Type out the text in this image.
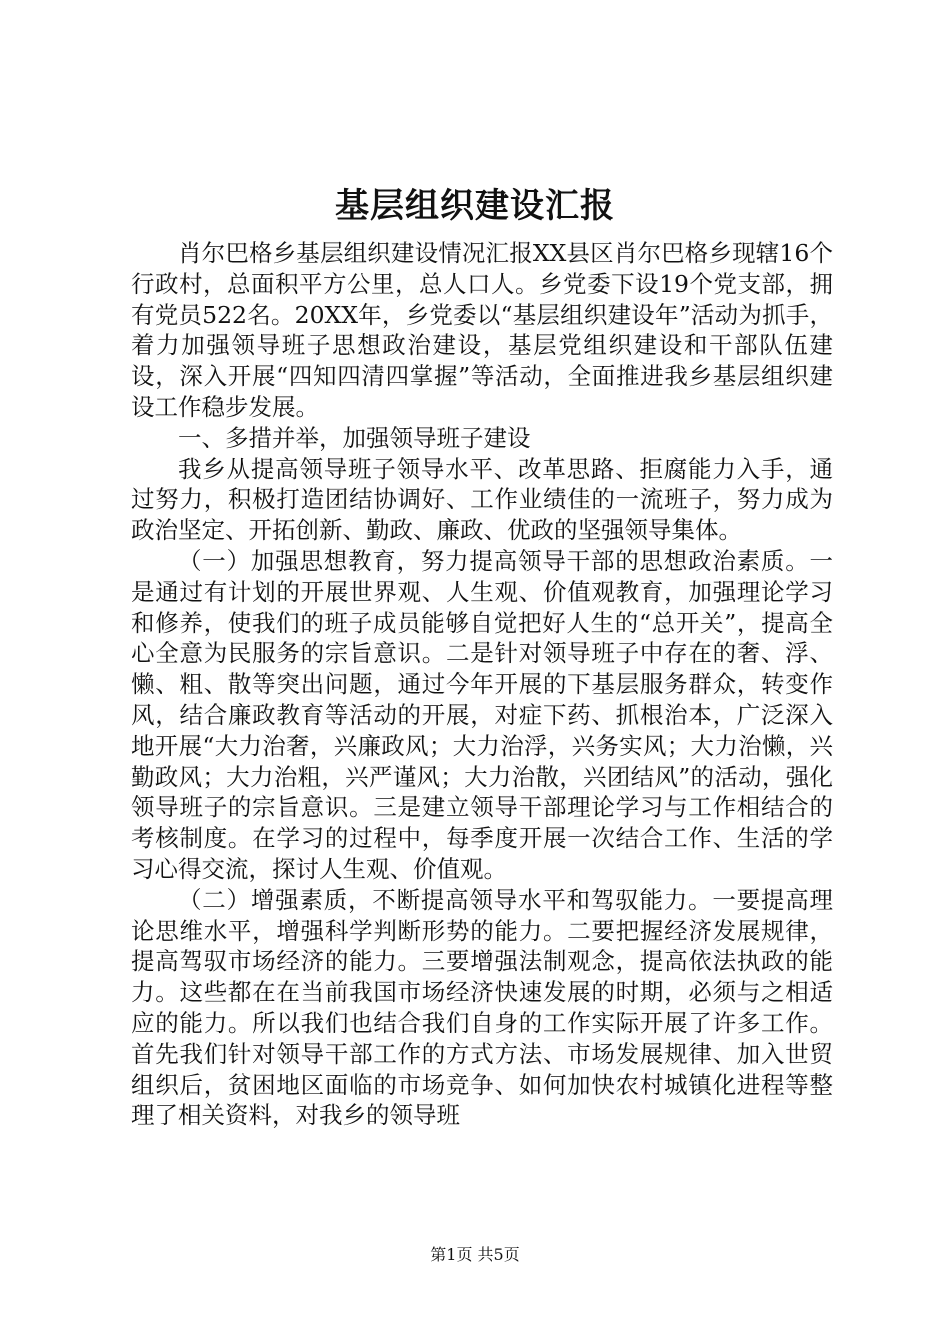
基层组织建设汇报

肖尔巴格乡基层组织建设情况汇报XX县区肖尔巴格乡现辖16个行政村，总面积平方公里，总人口人。乡党委下设19个党支部，拥有党员522名。20XX年，乡党委以“基层组织建设年”活动为抓手，着力加强领导班子思想政治建设，基层党组织建设和干部队伍建设，深入开展“四知四清四掌握”等活动，全面推进我乡基层组织建设工作稳步发展。

一、多措并举，加强领导班子建设

我乡从提高领导班子领导水平、改革思路、拒腐能力入手，通过努力，积极打造团结协调好、工作业绩佳的一流班子，努力成为政治坚定、开拓创新、勤政、廉政、优政的坚强领导集体。

（一）加强思想教育，努力提高领导干部的思想政治素质。一是通过有计划的开展世界观、人生观、价值观教育，加强理论学习和修养，使我们的班子成员能够自觉把好人生的“总开关”，提高全心全意为民服务的宗旨意识。二是针对领导班子中存在的奢、浮、懒、粗、散等突出问题，通过今年开展的下基层服务群众，转变作风，结合廉政教育等活动的开展，对症下药、抓根治本，广泛深入地开展“大力治奢，兴廉政风；大力治浮，兴务实风；大力治懒，兴勤政风；大力治粗，兴严谨风；大力治散，兴团结风”的活动，强化领导班子的宗旨意识。三是建立领导干部理论学习与工作相结合的考核制度。在学习的过程中，每季度开展一次结合工作、生活的学习心得交流，探讨人生观、价值观。

（二）增强素质，不断提高领导水平和驾驭能力。一要提高理论思维水平，增强科学判断形势的能力。二要把握经济发展规律，提高驾驭市场经济的能力。三要增强法制观念，提高依法执政的能力。这些都在在当前我国市场经济快速发展的时期，必须与之相适应的能力。所以我们也结合我们自身的工作实际开展了许多工作。首先我们针对领导干部工作的方式方法、市场发展规律、加入世贸组织后，贫困地区面临的市场竞争、如何加快农村城镇化进程等整理了相关资料，对我乡的领导班

第1页 共5页
